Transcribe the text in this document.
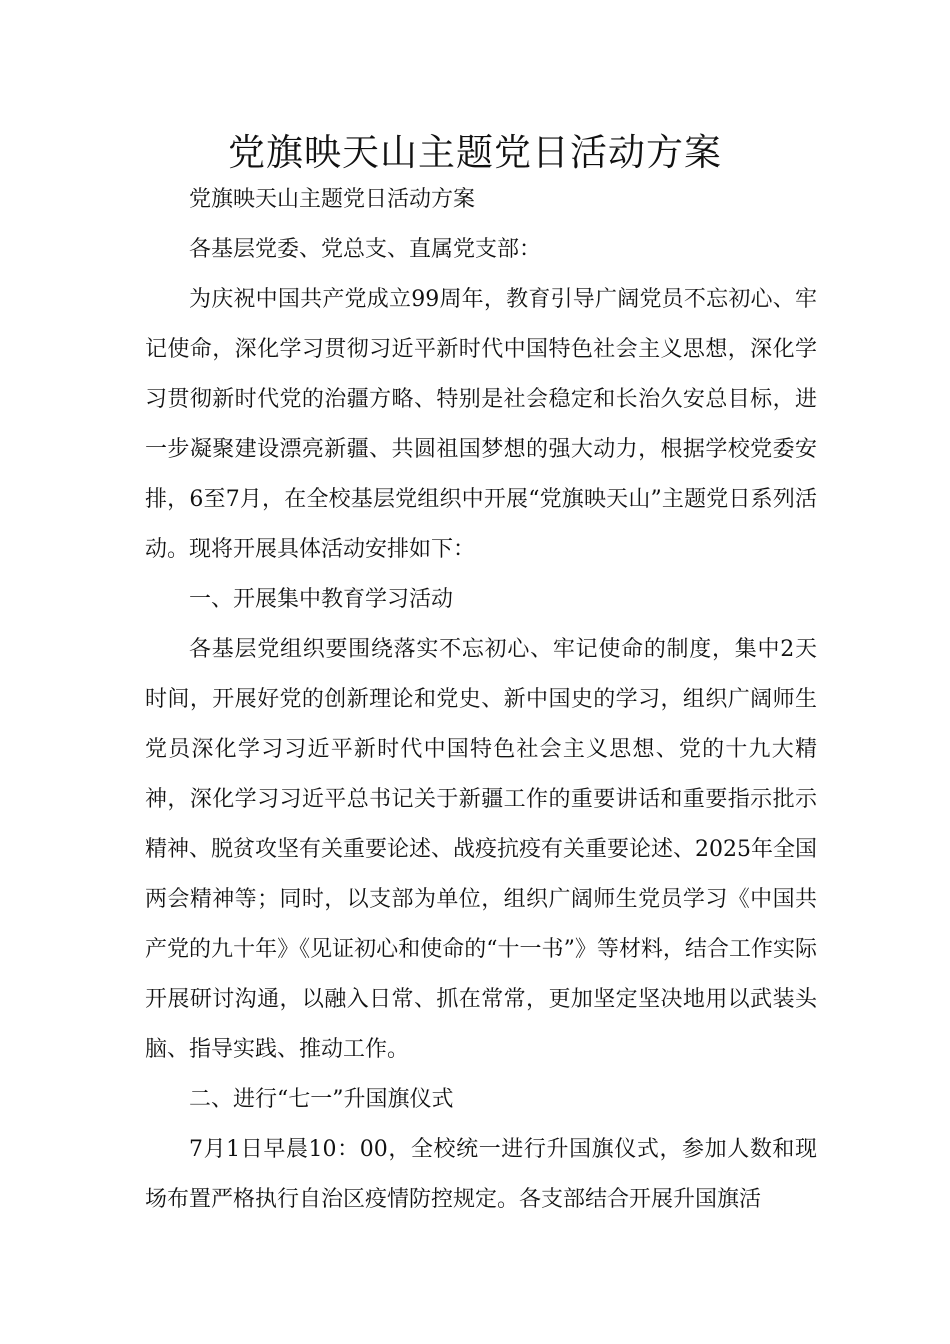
党旗映天山主题党日活动方案

党旗映天山主题党日活动方案

各基层党委、党总支、直属党支部：

为庆祝中国共产党成立99周年，教育引导广阔党员不忘初心、牢记使命，深化学习贯彻习近平新时代中国特色社会主义思想，深化学习贯彻新时代党的治疆方略、特别是社会稳定和长治久安总目标，进一步凝聚建设漂亮新疆、共圆祖国梦想的强大动力，根据学校党委安排，6至7月，在全校基层党组织中开展“党旗映天山”主题党日系列活动。现将开展具体活动安排如下：

一、开展集中教育学习活动

各基层党组织要围绕落实不忘初心、牢记使命的制度，集中2天时间，开展好党的创新理论和党史、新中国史的学习，组织广阔师生党员深化学习习近平新时代中国特色社会主义思想、党的十九大精神，深化学习习近平总书记关于新疆工作的重要讲话和重要指示批示精神、脱贫攻坚有关重要论述、战疫抗疫有关重要论述、2025年全国两会精神等；同时，以支部为单位，组织广阔师生党员学习《中国共产党的九十年》《见证初心和使命的“十一书”》等材料，结合工作实际开展研讨沟通，以融入日常、抓在常常，更加坚定坚决地用以武装头脑、指导实践、推动工作。

二、进行“七一”升国旗仪式

7月1日早晨10：00，全校统一进行升国旗仪式，参加人数和现场布置严格执行自治区疫情防控规定。各支部结合开展升国旗活
